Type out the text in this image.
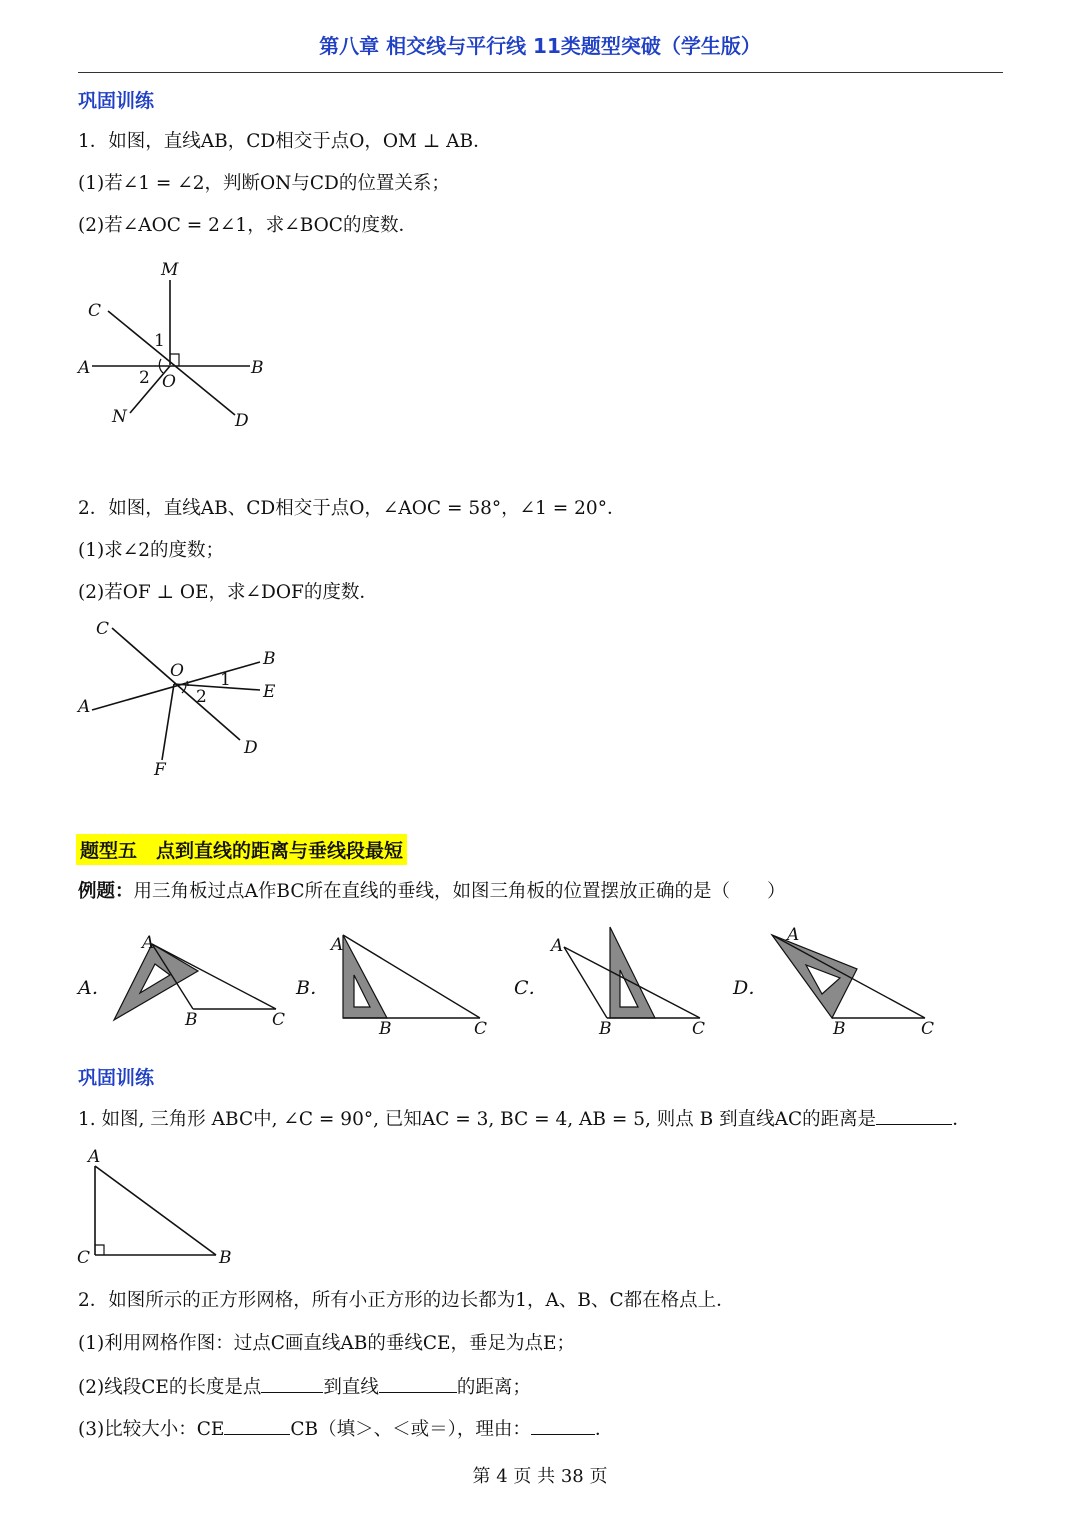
第八章 相交线与平行线 11类题型突破（学生版）
巩固训练
1．如图，直线AB，CD相交于点O，OM ⊥ AB．
(1)若∠1 = ∠2，判断ON与CD的位置关系；
(2)若∠AOC = 2∠1，求∠BOC的度数．
M
C
1
A	B
2 O
N	D
2．如图，直线AB、CD相交于点O，∠AOC = 58°，∠1 = 20°．
(1)求∠2的度数；
(2)若OF ⊥ OE，求∠DOF的度数．
C
O
B
1
E
2
A
D
F
题型五　点到直线的距离与垂线段最短
例题：用三角板过点A作BC所在直线的垂线，如图三角板的位置摆放正确的是（　　）
A．
A
B	C
B．
A
B	C
C．
A
B	C
D．
A
B	C
巩固训练
1. 如图, 三角形 ABC中, ∠C = 90°, 已知AC = 3, BC = 4, AB = 5, 则点 B 到直线AC的距离是	．
A
C	B
2．如图所示的正方形网格，所有小正方形的边长都为1，A、B、C都在格点上．
(1)利用网格作图：过点C画直线AB的垂线CE，垂足为点E；
(2)线段CE的长度是点	到直线	的距离；
(3)比较大小：CE	CB（填＞、＜或＝），理由：	．
第 4 页 共 38 页
